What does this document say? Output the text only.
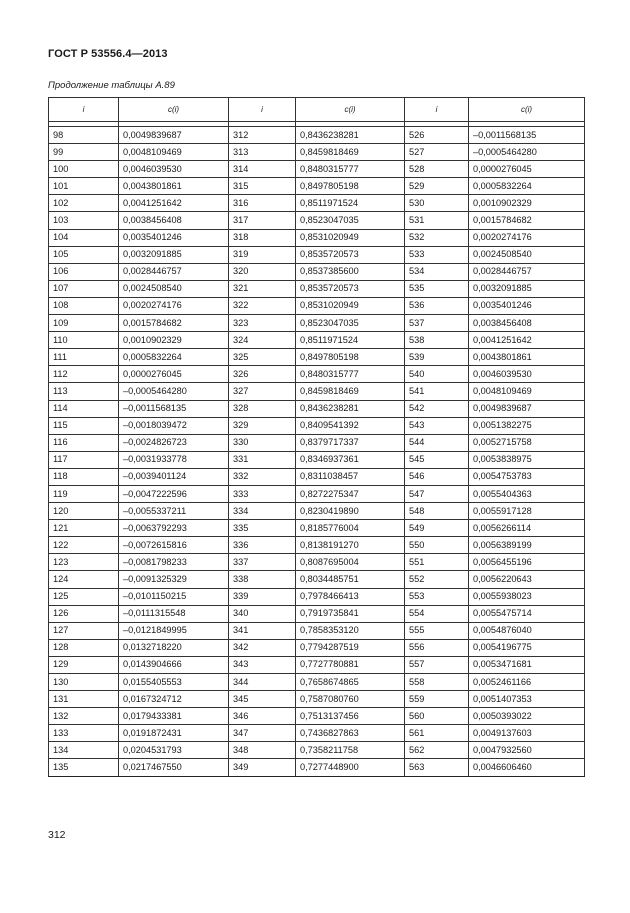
ГОСТ Р 53556.4—2013
Продолжение таблицы А.89
i	c(i)	i	c(i)	i	c(i)

98	0,0049839687	312	0,8436238281	526	–0,0011568135
99	0,0048109469	313	0,8459818469	527	–0,0005464280
100	0,0046039530	314	0,8480315777	528	0,0000276045
101	0,0043801861	315	0,8497805198	529	0,0005832264
102	0,0041251642	316	0,8511971524	530	0,0010902329
103	0,0038456408	317	0,8523047035	531	0,0015784682
104	0,0035401246	318	0,8531020949	532	0,0020274176
105	0,0032091885	319	0,8535720573	533	0,0024508540
106	0,0028446757	320	0,8537385600	534	0,0028446757
107	0,0024508540	321	0,8535720573	535	0,0032091885
108	0,0020274176	322	0,8531020949	536	0,0035401246
109	0,0015784682	323	0,8523047035	537	0,0038456408
110	0,0010902329	324	0,8511971524	538	0,0041251642
111	0,0005832264	325	0,8497805198	539	0,0043801861
112	0,0000276045	326	0,8480315777	540	0,0046039530
113	–0,0005464280	327	0,8459818469	541	0,0048109469
114	–0,0011568135	328	0,8436238281	542	0,0049839687
115	–0,0018039472	329	0,8409541392	543	0,0051382275
116	–0,0024826723	330	0,8379717337	544	0,0052715758
117	–0,0031933778	331	0,8346937361	545	0,0053838975
118	–0,0039401124	332	0,8311038457	546	0,0054753783
119	–0,0047222596	333	0,8272275347	547	0,0055404363
120	–0,0055337211	334	0,8230419890	548	0,0055917128
121	–0,0063792293	335	0,8185776004	549	0,0056266114
122	–0,0072615816	336	0,8138191270	550	0,0056389199
123	–0,0081798233	337	0,8087695004	551	0,0056455196
124	–0,0091325329	338	0,8034485751	552	0,0056220643
125	–0,0101150215	339	0,7978466413	553	0,0055938023
126	–0,0111315548	340	0,7919735841	554	0,0055475714
127	–0,0121849995	341	0,7858353120	555	0,0054876040
128	0,0132718220	342	0,7794287519	556	0,0054196775
129	0,0143904666	343	0,7727780881	557	0,0053471681
130	0,0155405553	344	0,7658674865	558	0,0052461166
131	0,0167324712	345	0,7587080760	559	0,0051407353
132	0,0179433381	346	0,7513137456	560	0,0050393022
133	0,0191872431	347	0,7436827863	561	0,0049137603
134	0,0204531793	348	0,7358211758	562	0,0047932560
135	0,0217467550	349	0,7277448900	563	0,0046606460
312
